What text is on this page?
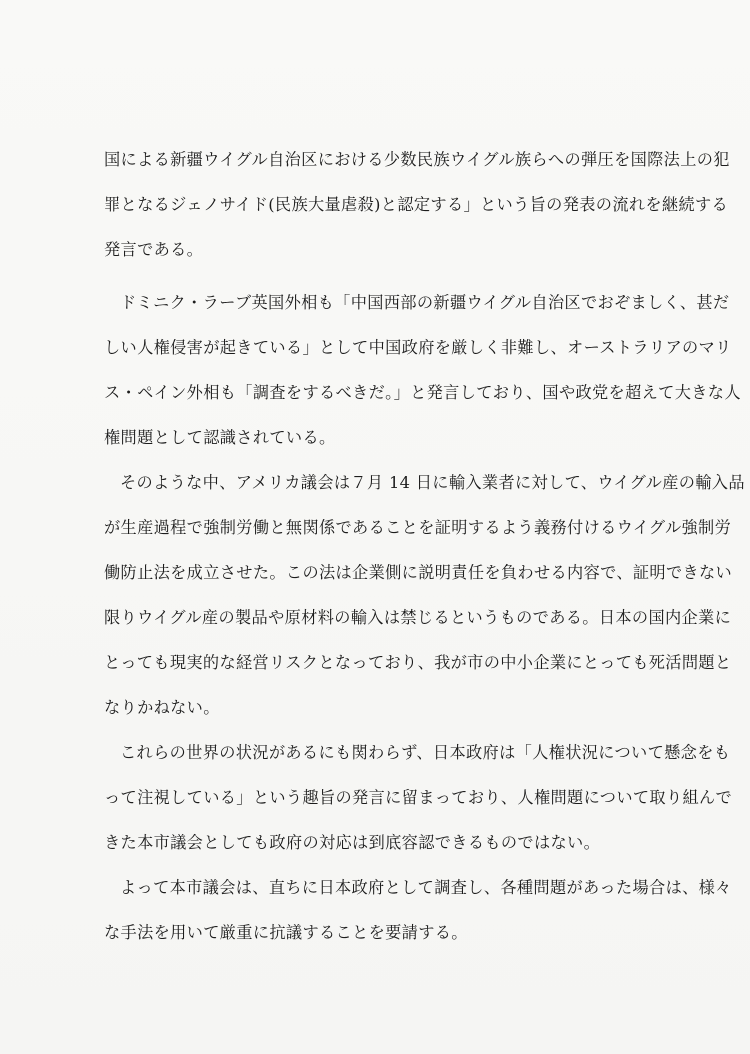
国による新疆ウイグル自治区における少数民族ウイグル族らへの弾圧を国際法上の犯
罪となるジェノサイド(民族大量虐殺)と認定する」という旨の発表の流れを継続する
発言である。
ドミニク・ラーブ英国外相も「中国西部の新疆ウイグル自治区でおぞましく、甚だ
しい人権侵害が起きている」として中国政府を厳しく非難し、オーストラリアのマリ
ス・ペイン外相も「調査をするべきだ。」と発言しており、国や政党を超えて大きな人
権問題として認識されている。
そのような中、アメリカ議会は７月 14 日に輸入業者に対して、ウイグル産の輸入品
が生産過程で強制労働と無関係であることを証明するよう義務付けるウイグル強制労
働防止法を成立させた。この法は企業側に説明責任を負わせる内容で、証明できない
限りウイグル産の製品や原材料の輸入は禁じるというものである。日本の国内企業に
とっても現実的な経営リスクとなっており、我が市の中小企業にとっても死活問題と
なりかねない。
これらの世界の状況があるにも関わらず、日本政府は「人権状況について懸念をも
って注視している」という趣旨の発言に留まっており、人権問題について取り組んで
きた本市議会としても政府の対応は到底容認できるものではない。
よって本市議会は、直ちに日本政府として調査し、各種問題があった場合は、様々
な手法を用いて厳重に抗議することを要請する。
